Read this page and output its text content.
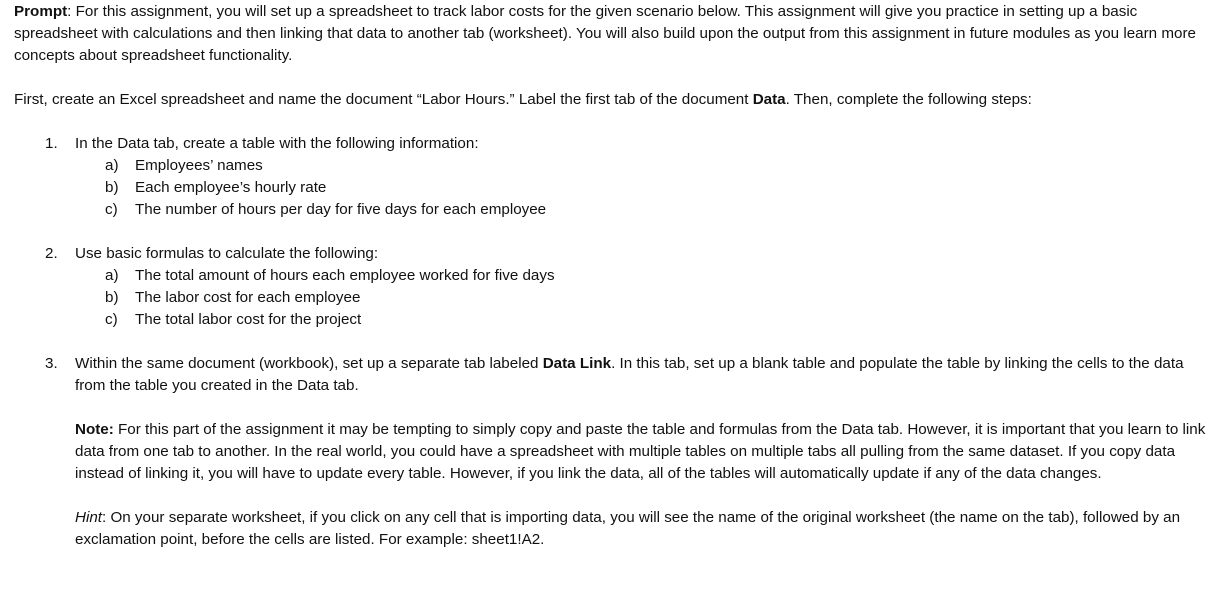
Prompt: For this assignment, you will set up a spreadsheet to track labor costs for the given scenario below. This assignment will give you practice in setting up a basic spreadsheet with calculations and then linking that data to another tab (worksheet). You will also build upon the output from this assignment in future modules as you learn more concepts about spreadsheet functionality.

First, create an Excel spreadsheet and name the document “Labor Hours.” Label the first tab of the document Data. Then, complete the following steps:

1. In the Data tab, create a table with the following information:

a) Employees’ names
b) Each employee’s hourly rate
c) The number of hours per day for five days for each employee
2. Use basic formulas to calculate the following:

a) The total amount of hours each employee worked for five days
b) The labor cost for each employee
c) The total labor cost for the project
3. Within the same document (workbook), set up a separate tab labeled Data Link. In this tab, set up a blank table and populate the table by linking the cells to the data from the table you created in the Data tab.

Note: For this part of the assignment it may be tempting to simply copy and paste the table and formulas from the Data tab. However, it is important that you learn to link data from one tab to another. In the real world, you could have a spreadsheet with multiple tables on multiple tabs all pulling from the same dataset. If you copy data instead of linking it, you will have to update every table. However, if you link the data, all of the tables will automatically update if any of the data changes.

Hint: On your separate worksheet, if you click on any cell that is importing data, you will see the name of the original worksheet (the name on the tab), followed by an exclamation point, before the cells are listed. For example: sheet1!A2.
